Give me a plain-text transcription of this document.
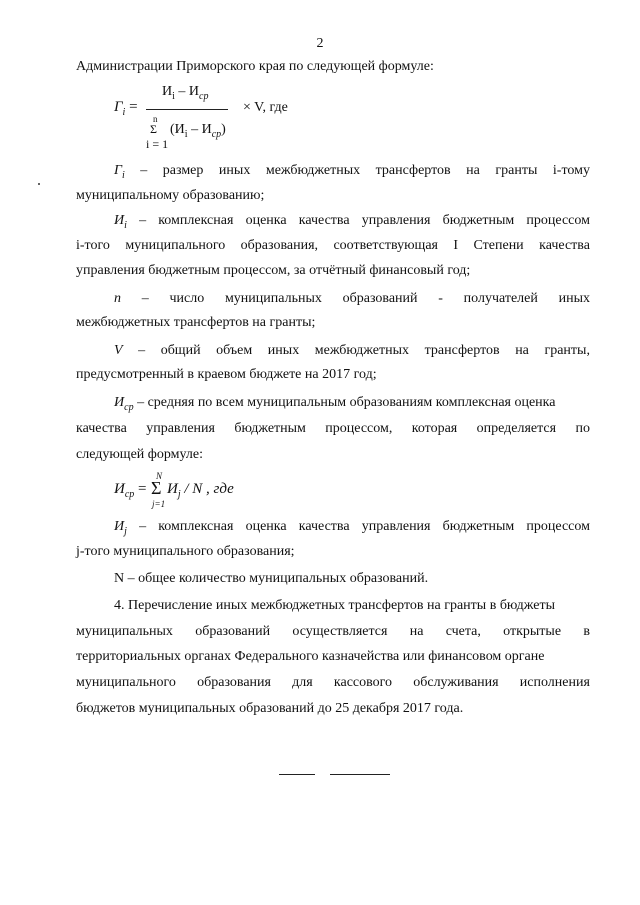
2
Администрации Приморского края по следующей формуле:
$Г_i$ =
$И_i - И_{ср}$
n
Σ $(И_i - И_{ср})$
i = 1
× V, где
$Г_i$ – размер иных межбюджетных трансфертов на гранты i-тому
муниципальному образованию;
$И_i$ – комплексная оценка качества управления бюджетным процессом
i-того муниципального образования, соответствующая I Степени качества
управления бюджетным процессом, за отчётный финансовый год;
n – число муниципальных образований - получателей иных
межбюджетных трансфертов на гранты;
V – общий объем иных межбюджетных трансфертов на гранты,
предусмотренный в краевом бюджете на 2017 год;
$И_{ср}$ – средняя по всем муниципальным образованиям комплексная оценка
качества управления бюджетным процессом, которая определяется по
следующей формуле:
$И_{ср}$ =
N
Σ
j=1
$И_j$ / N , где
$И_j$ – комплексная оценка качества управления бюджетным процессом
j-того муниципального образования;
N – общее количество муниципальных образований.
4. Перечисление иных межбюджетных трансфертов на гранты в бюджеты
муниципальных образований осуществляется на счета, открытые в
территориальных органах Федерального казначейства или финансовом органе
муниципального образования для кассового обслуживания исполнения
бюджетов муниципальных образований до 25 декабря 2017 года.
